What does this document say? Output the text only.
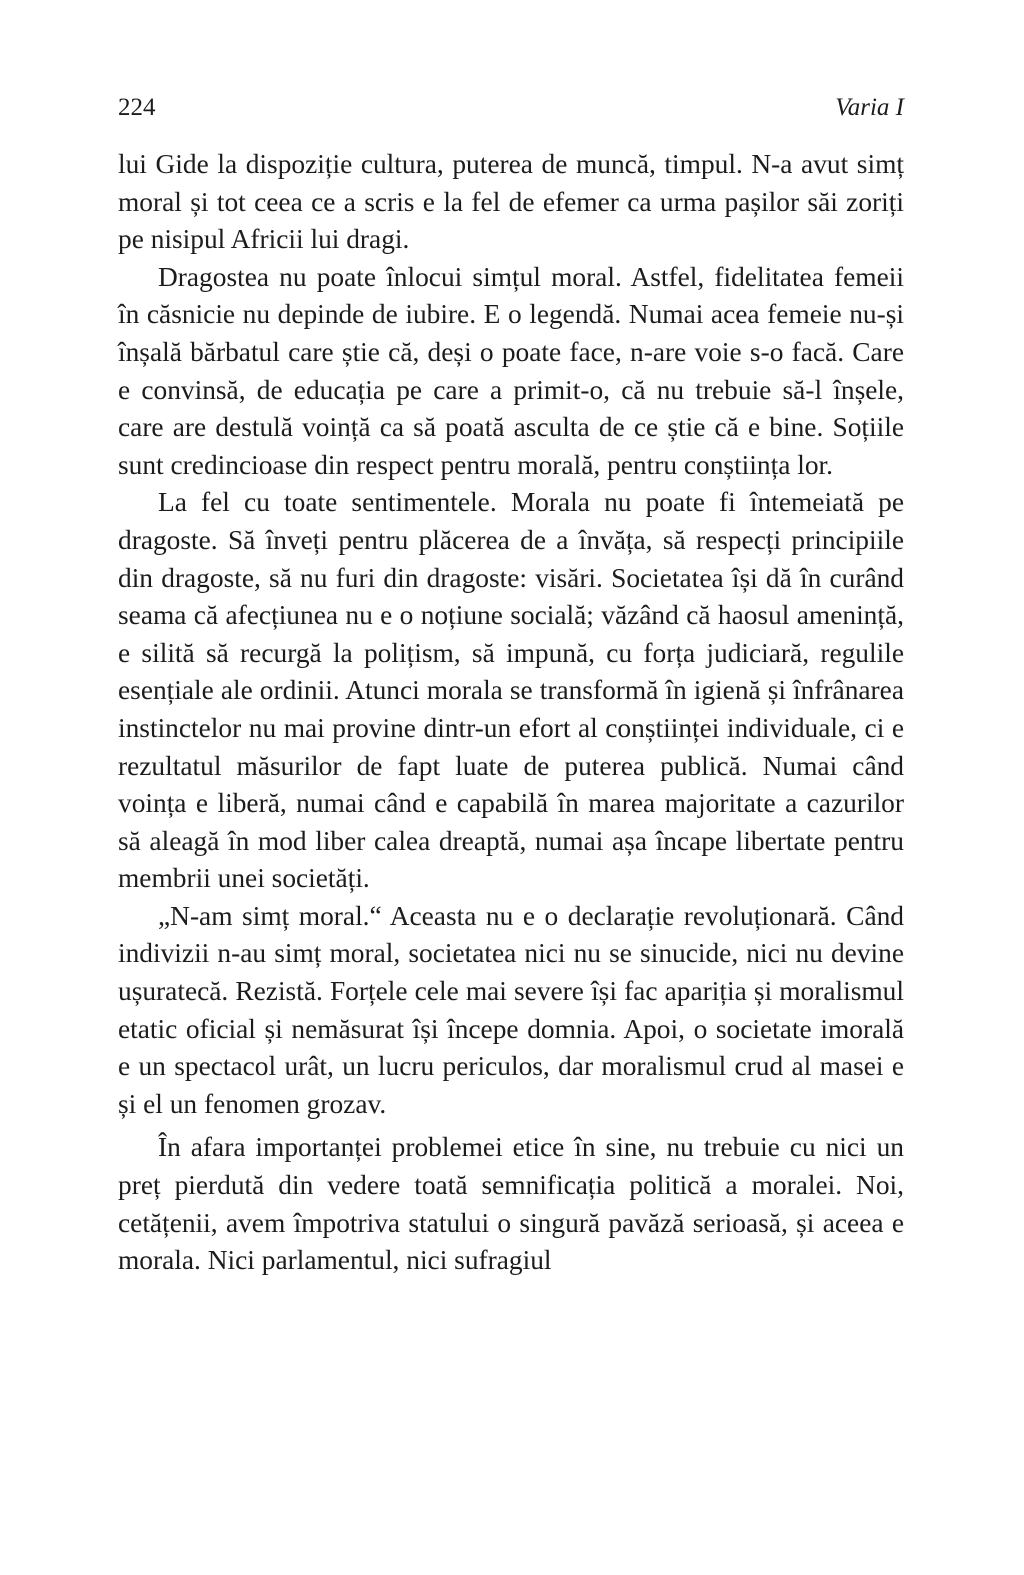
224	Varia I

lui Gide la dispoziție cultura, puterea de muncă, timpul. N-a avut simț moral și tot ceea ce a scris e la fel de efemer ca urma pașilor săi zoriți pe nisipul Africii lui dragi.

Dragostea nu poate înlocui simțul moral. Astfel, fidelitatea femeii în căsnicie nu depinde de iubire. E o legendă. Numai acea femeie nu-și înșală bărbatul care știe că, deși o poate face, n-are voie s-o facă. Care e convinsă, de educația pe care a primit-o, că nu trebuie să-l înșele, care are destulă voință ca să poată asculta de ce știe că e bine. Soțiile sunt credincioase din respect pentru morală, pentru conștiința lor.

La fel cu toate sentimentele. Morala nu poate fi întemeiată pe dragoste. Să înveți pentru plăcerea de a învăța, să respecți principiile din dragoste, să nu furi din dragoste: visări. Societatea își dă în curând seama că afecțiunea nu e o noțiune socială; văzând că haosul amenință, e silită să recurgă la polițism, să impună, cu forța judiciară, regulile esențiale ale ordinii. Atunci morala se transformă în igienă și înfrânarea instinctelor nu mai provine dintr-un efort al conștiinței individuale, ci e rezultatul măsurilor de fapt luate de puterea publică. Numai când voința e liberă, numai când e capabilă în marea majoritate a cazurilor să aleagă în mod liber calea dreaptă, numai așa încape libertate pentru membrii unei societăți.

„N-am simț moral.“ Aceasta nu e o declarație revoluționară. Când indivizii n-au simț moral, societatea nici nu se sinucide, nici nu devine ușuratecă. Rezistă. Forțele cele mai severe își fac apariția și moralismul etatic oficial și nemăsurat își începe domnia. Apoi, o societate imorală e un spectacol urât, un lucru periculos, dar moralismul crud al masei e și el un fenomen grozav.

În afara importanței problemei etice în sine, nu trebuie cu nici un preț pierdută din vedere toată semnificația politică a moralei. Noi, cetățenii, avem împotriva statului o singură pavăză serioasă, și aceea e morala. Nici parlamentul, nici sufragiul
